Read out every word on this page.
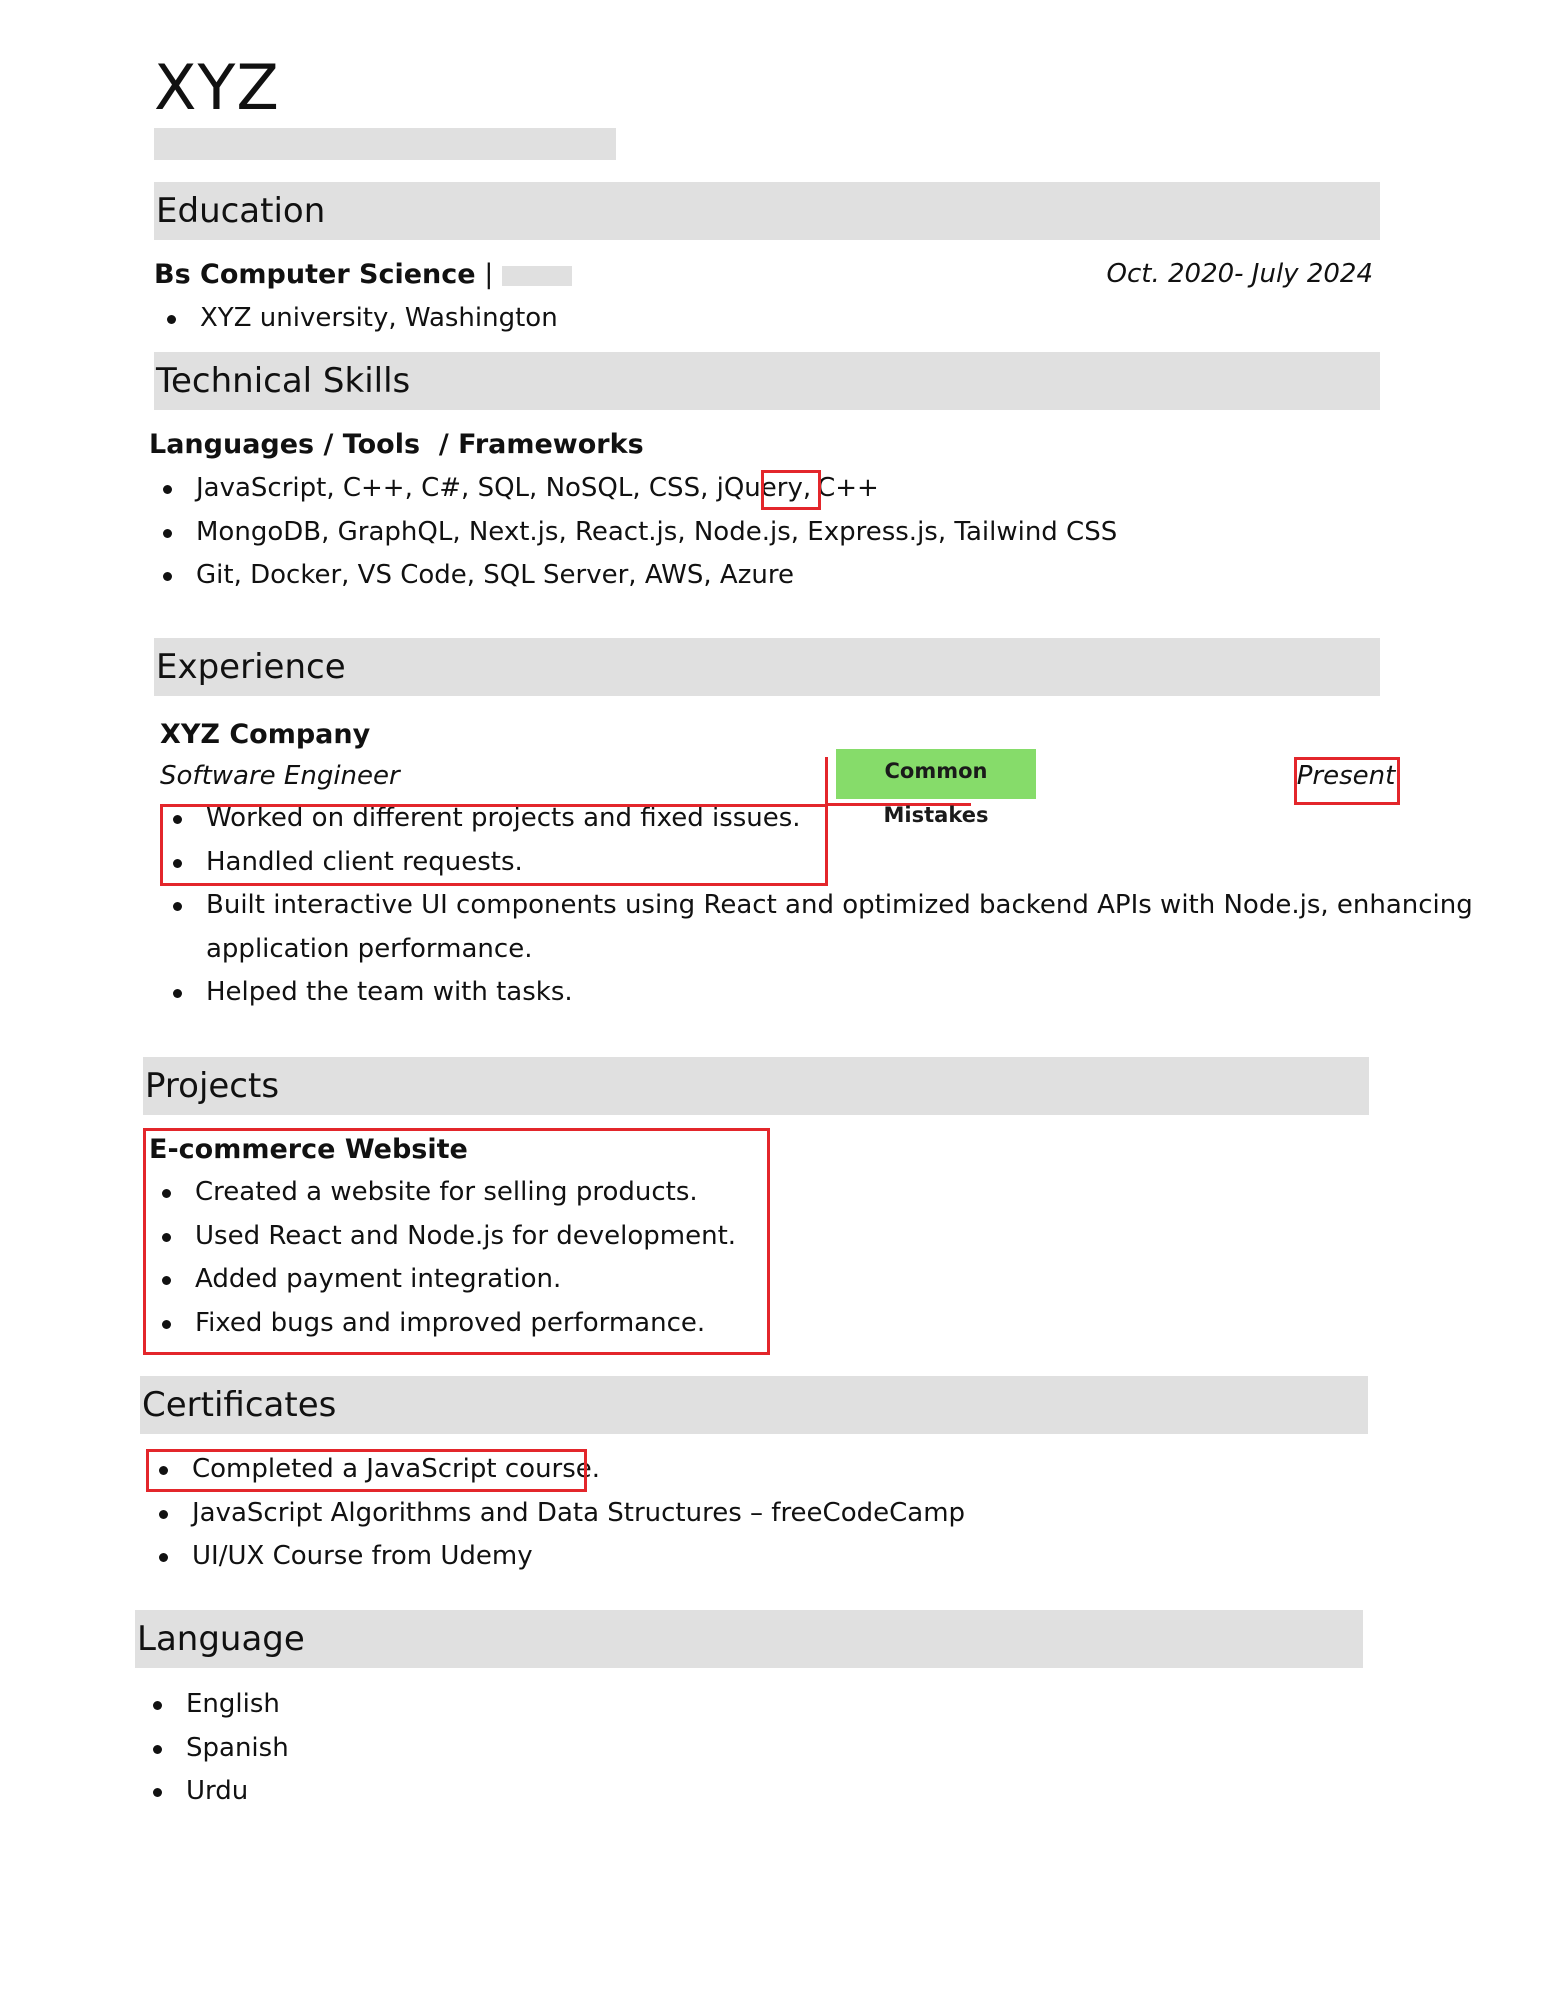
XYZ
Education
Bs Computer Science |	Oct. 2020- July 2024
XYZ university, Washington
Technical Skills
Languages / Tools  / Frameworks
JavaScript, C++, C#, SQL, NoSQL, CSS, jQuery, C++
MongoDB, GraphQL, Next.js, React.js, Node.js, Express.js, Tailwind CSS
Git, Docker, VS Code, SQL Server, AWS, Azure
Experience
XYZ Company
Software Engineer	Present
Worked on different projects and fixed issues.
Handled client requests.
Built interactive UI components using React and optimized backend APIs with Node.js, enhancing
application performance.
Helped the team with tasks.
Common Mistakes
Projects
E-commerce Website
Created a website for selling products.
Used React and Node.js for development.
Added payment integration.
Fixed bugs and improved performance.
Certificates
Completed a JavaScript course.
JavaScript Algorithms and Data Structures – freeCodeCamp
UI/UX Course from Udemy
Language
English
Spanish
Urdu
